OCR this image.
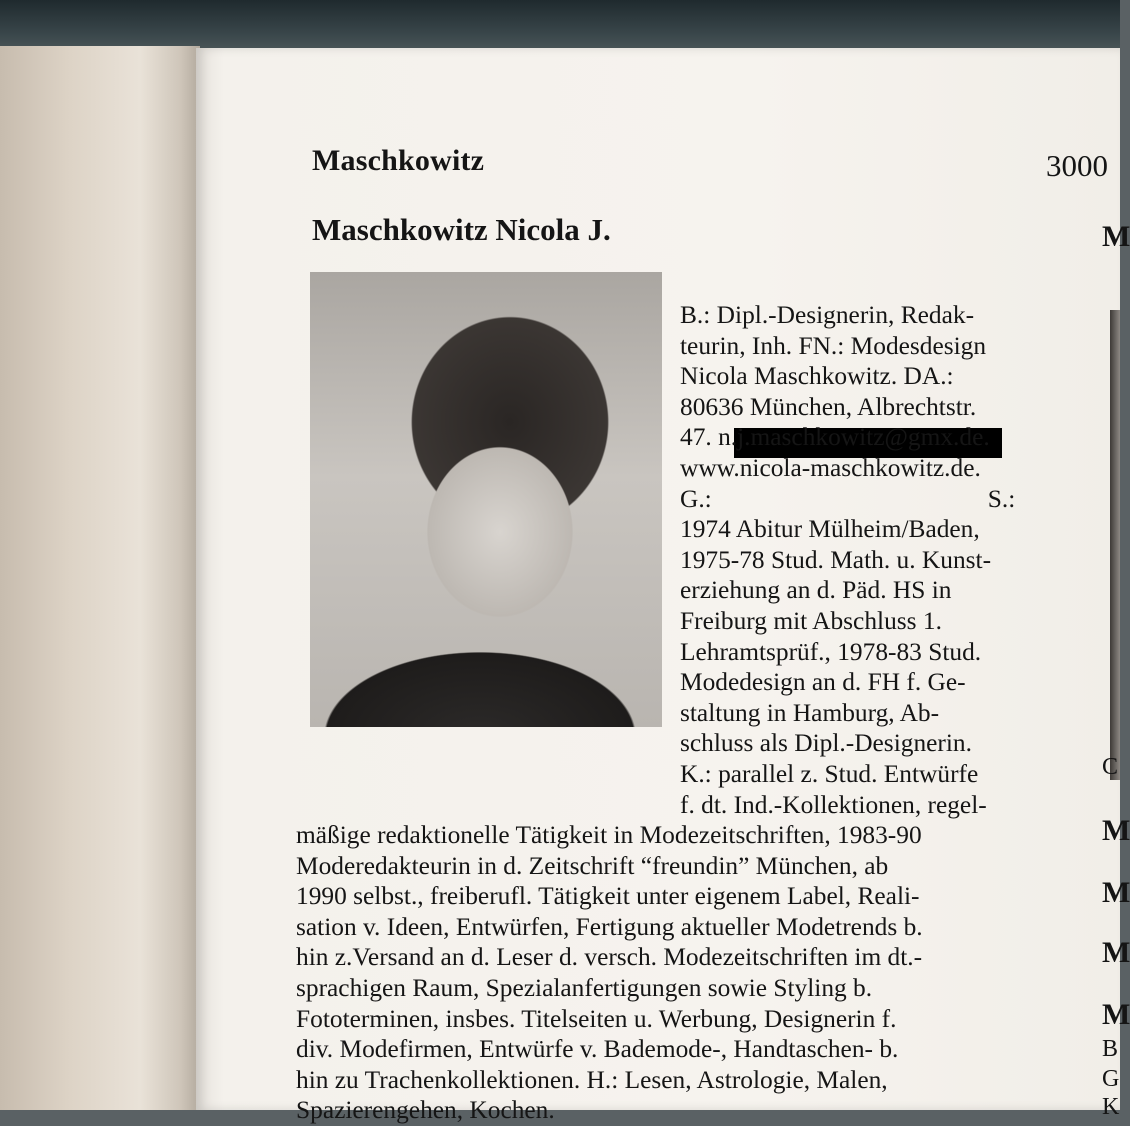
Maschkowitz	3000
Maschkowitz Nicola J.
B.: Dipl.-Designerin, Redak-
teurin, Inh. FN.: Modesdesign
Nicola Maschkowitz. DA.:
80636 München, Albrechtstr.
47. n.j.maschkowitz@gmx.de.
www.nicola-maschkowitz.de.
G.:	S.:
1974 Abitur Mülheim/Baden,
1975-78 Stud. Math. u. Kunst-
erziehung an d. Päd. HS in
Freiburg mit Abschluss 1.
Lehramtsprüf., 1978-83 Stud.
Modedesign an d. FH f. Ge-
staltung in Hamburg, Ab-
schluss als Dipl.-Designerin.
K.: parallel z. Stud. Entwürfe
f. dt. Ind.-Kollektionen, regel-
mäßige redaktionelle Tätigkeit in Modezeitschriften, 1983-90
Moderedakteurin in d. Zeitschrift “freundin” München, ab
1990 selbst., freiberufl. Tätigkeit unter eigenem Label, Reali-
sation v. Ideen, Entwürfen, Fertigung aktueller Modetrends b.
hin z.Versand an d. Leser d. versch. Modezeitschriften im dt.-
sprachigen Raum, Spezialanfertigungen sowie Styling b.
Fototerminen, insbes. Titelseiten u. Werbung, Designerin f.
div. Modefirmen, Entwürfe v. Bademode-, Handtaschen- b.
hin zu Trachenkollektionen. H.: Lesen, Astrologie, Malen,
Spazierengehen, Kochen.
M
C
M
M
M
M
B
G
K
